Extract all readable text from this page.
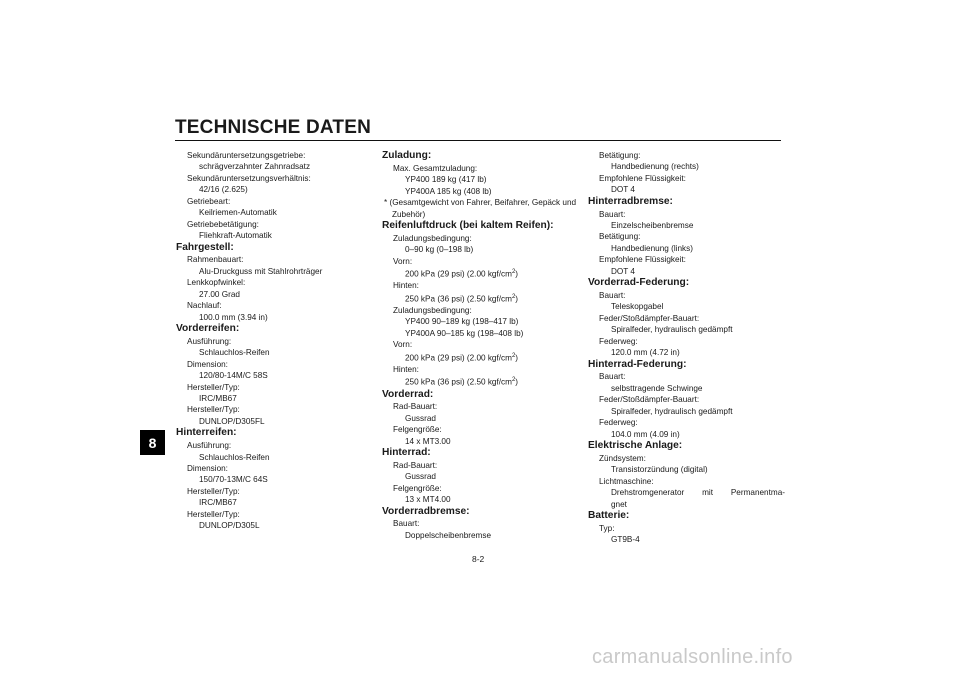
TECHNISCHE DATEN
8
Sekundäruntersetzungsgetriebe:
schrägverzahnter Zahnradsatz
Sekundäruntersetzungsverhältnis:
42/16 (2.625)
Getriebeart:
Keilriemen-Automatik
Getriebebetätigung:
Fliehkraft-Automatik
Fahrgestell:
Rahmenbauart:
Alu-Druckguss mit Stahlrohrträger
Lenkkopfwinkel:
27.00 Grad
Nachlauf:
100.0 mm (3.94 in)
Vorderreifen:
Ausführung:
Schlauchlos-Reifen
Dimension:
120/80-14M/C 58S
Hersteller/Typ:
IRC/MB67
Hersteller/Typ:
DUNLOP/D305FL
Hinterreifen:
Ausführung:
Schlauchlos-Reifen
Dimension:
150/70-13M/C 64S
Hersteller/Typ:
IRC/MB67
Hersteller/Typ:
DUNLOP/D305L
Zuladung:
Max. Gesamtzuladung:
YP400 189 kg (417 lb)
YP400A 185 kg (408 lb)
* (Gesamtgewicht von Fahrer, Beifahrer, Gepäck und Zubehör)
Reifenluftdruck (bei kaltem Reifen):
Zuladungsbedingung:
0–90 kg (0–198 lb)
Vorn:
200 kPa (29 psi) (2.00 kgf/$cm^2$)
Hinten:
250 kPa (36 psi) (2.50 kgf/$cm^2$)
Zuladungsbedingung:
YP400 90–189 kg (198–417 lb)
YP400A 90–185 kg (198–408 lb)
Vorn:
200 kPa (29 psi) (2.00 kgf/$cm^2$)
Hinten:
250 kPa (36 psi) (2.50 kgf/$cm^2$)
Vorderrad:
Rad-Bauart:
Gussrad
Felgengröße:
14 x MT3.00
Hinterrad:
Rad-Bauart:
Gussrad
Felgengröße:
13 x MT4.00
Vorderradbremse:
Bauart:
Doppelscheibenbremse
Betätigung:
Handbedienung (rechts)
Empfohlene Flüssigkeit:
DOT 4
Hinterradbremse:
Bauart:
Einzelscheibenbremse
Betätigung:
Handbedienung (links)
Empfohlene Flüssigkeit:
DOT 4
Vorderrad-Federung:
Bauart:
Teleskopgabel
Feder/Stoßdämpfer-Bauart:
Spiralfeder, hydraulisch gedämpft
Federweg:
120.0 mm (4.72 in)
Hinterrad-Federung:
Bauart:
selbsttragende Schwinge
Feder/Stoßdämpfer-Bauart:
Spiralfeder, hydraulisch gedämpft
Federweg:
104.0 mm (4.09 in)
Elektrische Anlage:
Zündsystem:
Transistorzündung (digital)
Lichtmaschine:
Drehstromgenerator mit Permanentma-
gnet
Batterie:
Typ:
GT9B-4
8-2
carmanualsonline.info
